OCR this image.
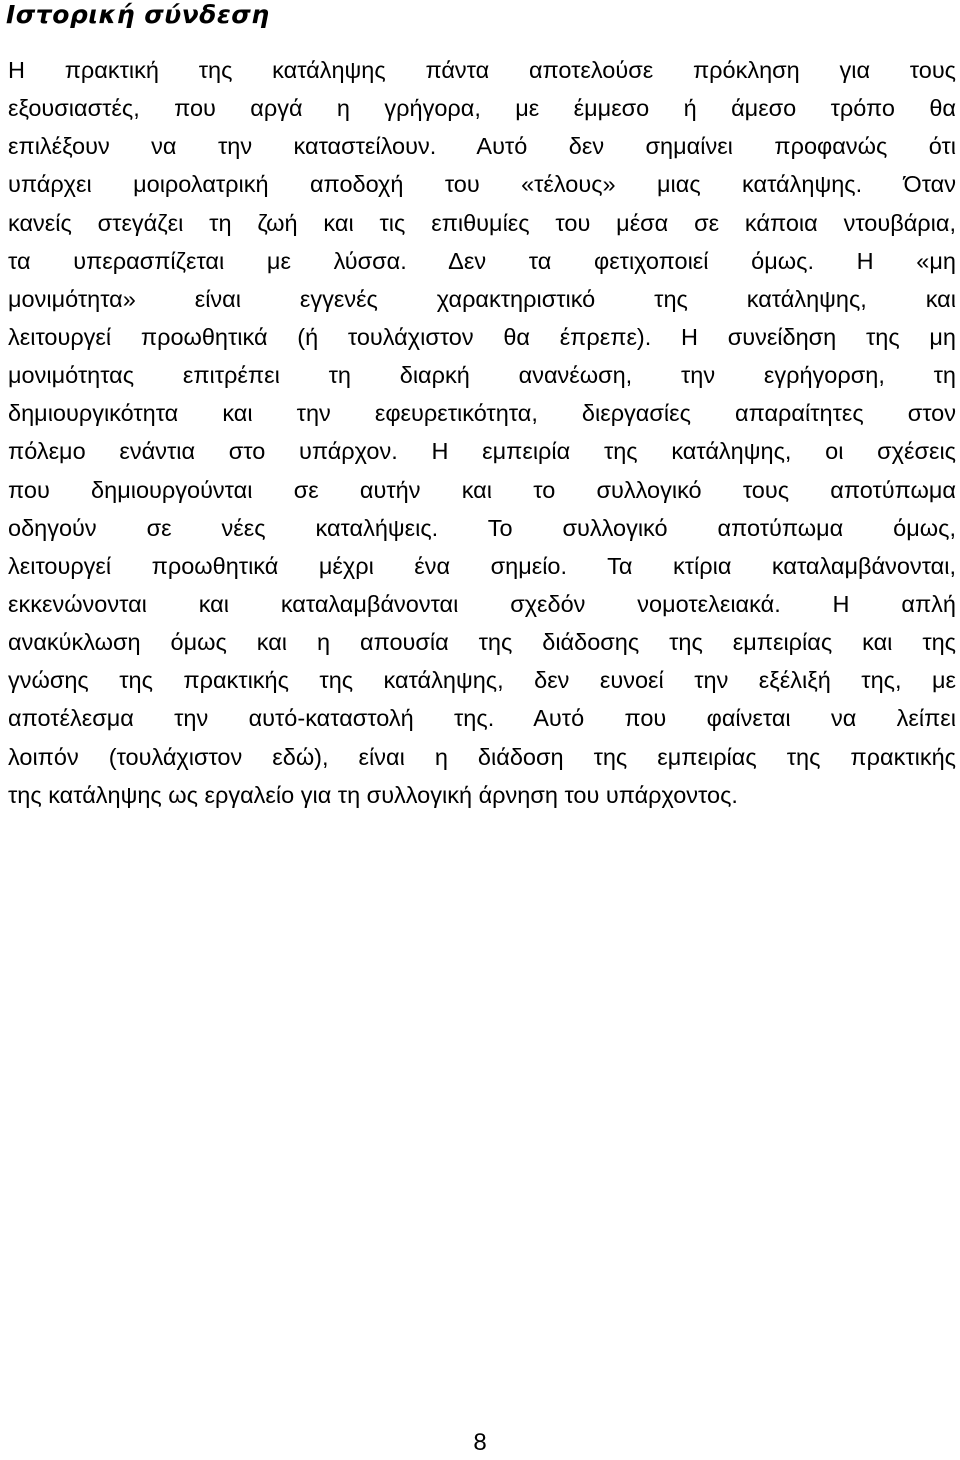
Ιστορική σύνδεση

Η πρακτική της κατάληψης πάντα αποτελούσε πρόκληση για τους
εξουσιαστές, που αργά η γρήγορα, με έμμεσο ή άμεσο τρόπο θα
επιλέξουν να την καταστείλουν. Αυτό δεν σημαίνει προφανώς ότι
υπάρχει μοιρολατρική αποδοχή του «τέλους» μιας κατάληψης. Όταν
κανείς στεγάζει τη ζωή και τις επιθυμίες του μέσα σε κάποια ντουβάρια,
τα υπερασπίζεται με λύσσα. Δεν τα φετιχοποιεί όμως. Η «μη
μονιμότητα» είναι εγγενές χαρακτηριστικό της κατάληψης, και
λειτουργεί προωθητικά (ή τουλάχιστον θα έπρεπε). Η συνείδηση της μη
μονιμότητας επιτρέπει τη διαρκή ανανέωση, την εγρήγορση, τη
δημιουργικότητα και την εφευρετικότητα, διεργασίες απαραίτητες στον
πόλεμο ενάντια στο υπάρχον. Η εμπειρία της κατάληψης, οι σχέσεις
που δημιουργούνται σε αυτήν και το συλλογικό τους αποτύπωμα
οδηγούν σε νέες καταλήψεις. Το συλλογικό αποτύπωμα όμως,
λειτουργεί προωθητικά μέχρι ένα σημείο. Τα κτίρια καταλαμβάνονται,
εκκενώνονται και καταλαμβάνονται σχεδόν νομοτελειακά. Η απλή
ανακύκλωση όμως και η απουσία της διάδοσης της εμπειρίας και της
γνώσης της πρακτικής της κατάληψης, δεν ευνοεί την εξέλιξή της, με
αποτέλεσμα την αυτό-καταστολή της. Αυτό που φαίνεται να λείπει
λοιπόν (τουλάχιστον εδώ), είναι η διάδοση της εμπειρίας της πρακτικής
της κατάληψης ως εργαλείο για τη συλλογική άρνηση του υπάρχοντος.

8
